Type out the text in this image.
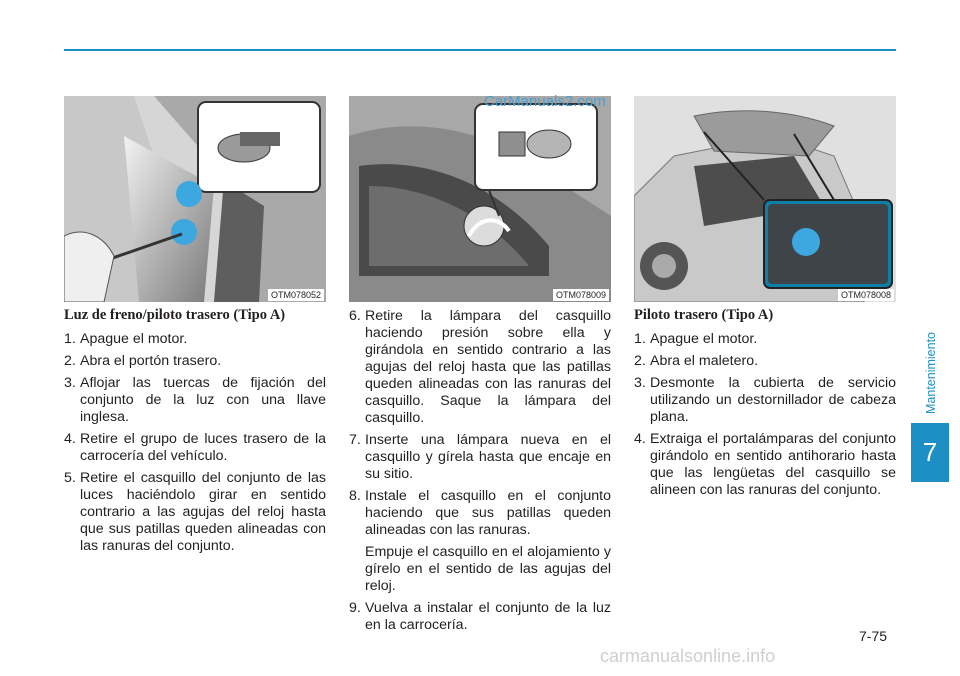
OTM078052	OTM078009	OTM078008
CarManuals2.com
Luz de freno/piloto trasero (Tipo A)
1. Apague el motor.
2. Abra el portón trasero.
3. Aflojar las tuercas de fijación del conjunto de la luz con una llave inglesa.
4. Retire el grupo de luces trasero de la carrocería del vehículo.
5. Retire el casquillo del conjunto de las luces haciéndolo girar en sentido contrario a las agujas del reloj hasta que sus patillas queden alineadas con las ranuras del conjunto.
6. Retire la lámpara del casquillo haciendo presión sobre ella y girándola en sentido contrario a las agujas del reloj hasta que las patillas queden alineadas con las ranuras del casquillo. Saque la lámpara del casquillo.
7. Inserte una lámpara nueva en el casquillo y gírela hasta que encaje en su sitio.
8. Instale el casquillo en el conjunto haciendo que sus patillas queden alineadas con las ranuras.
Empuje el casquillo en el alojamiento y gírelo en el sentido de las agujas del reloj.
9. Vuelva a instalar el conjunto de la luz en la carrocería.
Piloto trasero (Tipo A)
1. Apague el motor.
2. Abra el maletero.
3. Desmonte la cubierta de servicio utilizando un destornillador de cabeza plana.
4. Extraiga el portalámparas del conjunto girándolo en sentido antihorario hasta que las lengüetas del casquillo se alineen con las ranuras del conjunto.
Mantenimiento
7
7-75
carmanualsonline.info
